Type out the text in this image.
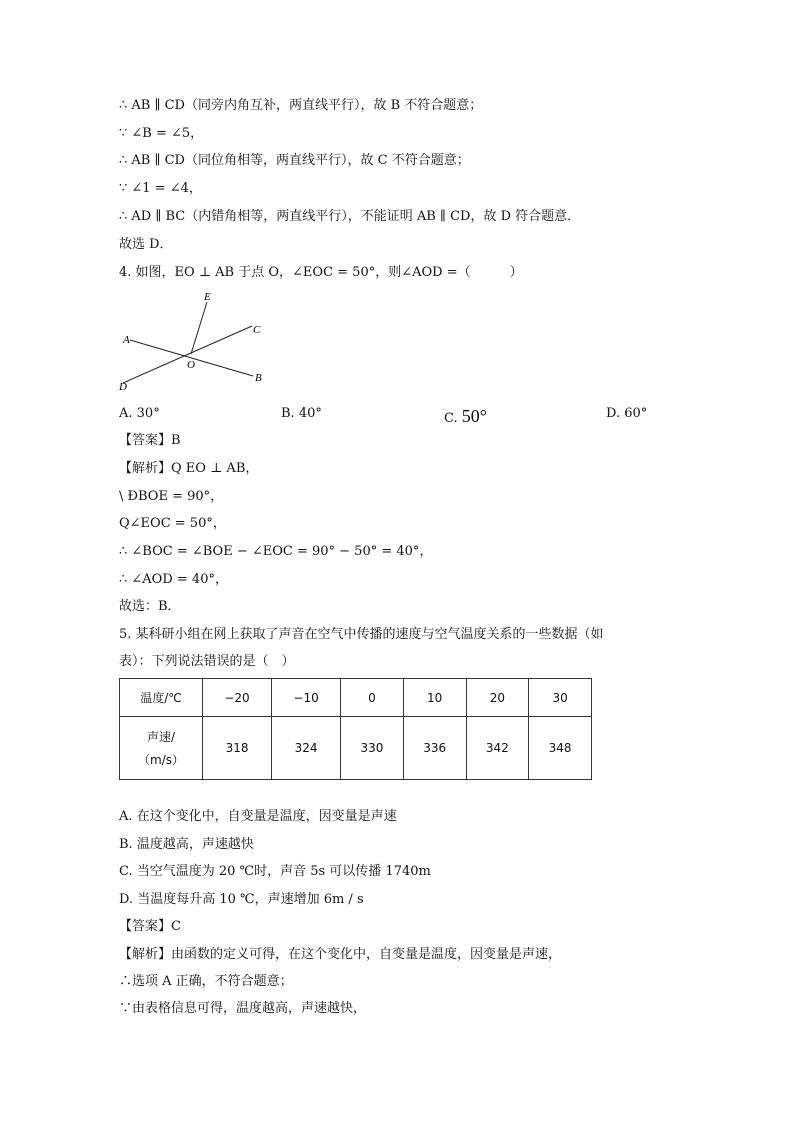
∴ AB ∥ CD（同旁内角互补，两直线平行），故 B 不符合题意；
∵ ∠B = ∠5，
∴ AB ∥ CD（同位角相等，两直线平行），故 C 不符合题意；
∵ ∠1 = ∠4，
∴ AD ∥ BC（内错角相等，两直线平行），不能证明 AB ∥ CD，故 D 符合题意．
故选 D．
4. 如图，EO ⊥ AB 于点 O，∠EOC = 50°，则∠AOD =（　　　）
E
C
A
O
B
D
A. 30°	B. 40°	C. 50°	D. 60°
【答案】B
【解析】Q EO ⊥ AB，
\ ÐBOE = 90°，
Q∠EOC = 50°，
∴ ∠BOC = ∠BOE − ∠EOC = 90° − 50° = 40°，
∴ ∠AOD = 40°，
故选：B．
5. 某科研小组在网上获取了声音在空气中传播的速度与空气温度关系的一些数据（如
表）：下列说法错误的是（　）
温度/℃	−20	−10	0	10	20	30

声速/
（m/s）	318	324	330	336	342	348
A. 在这个变化中，自变量是温度，因变量是声速
B. 温度越高，声速越快
C. 当空气温度为 20 ℃时，声音 5s 可以传播 1740m
D. 当温度每升高 10 ℃，声速增加 6m / s
【答案】C
【解析】由函数的定义可得，在这个变化中，自变量是温度，因变量是声速，
∴选项 A 正确，不符合题意；
∵由表格信息可得，温度越高，声速越快，
